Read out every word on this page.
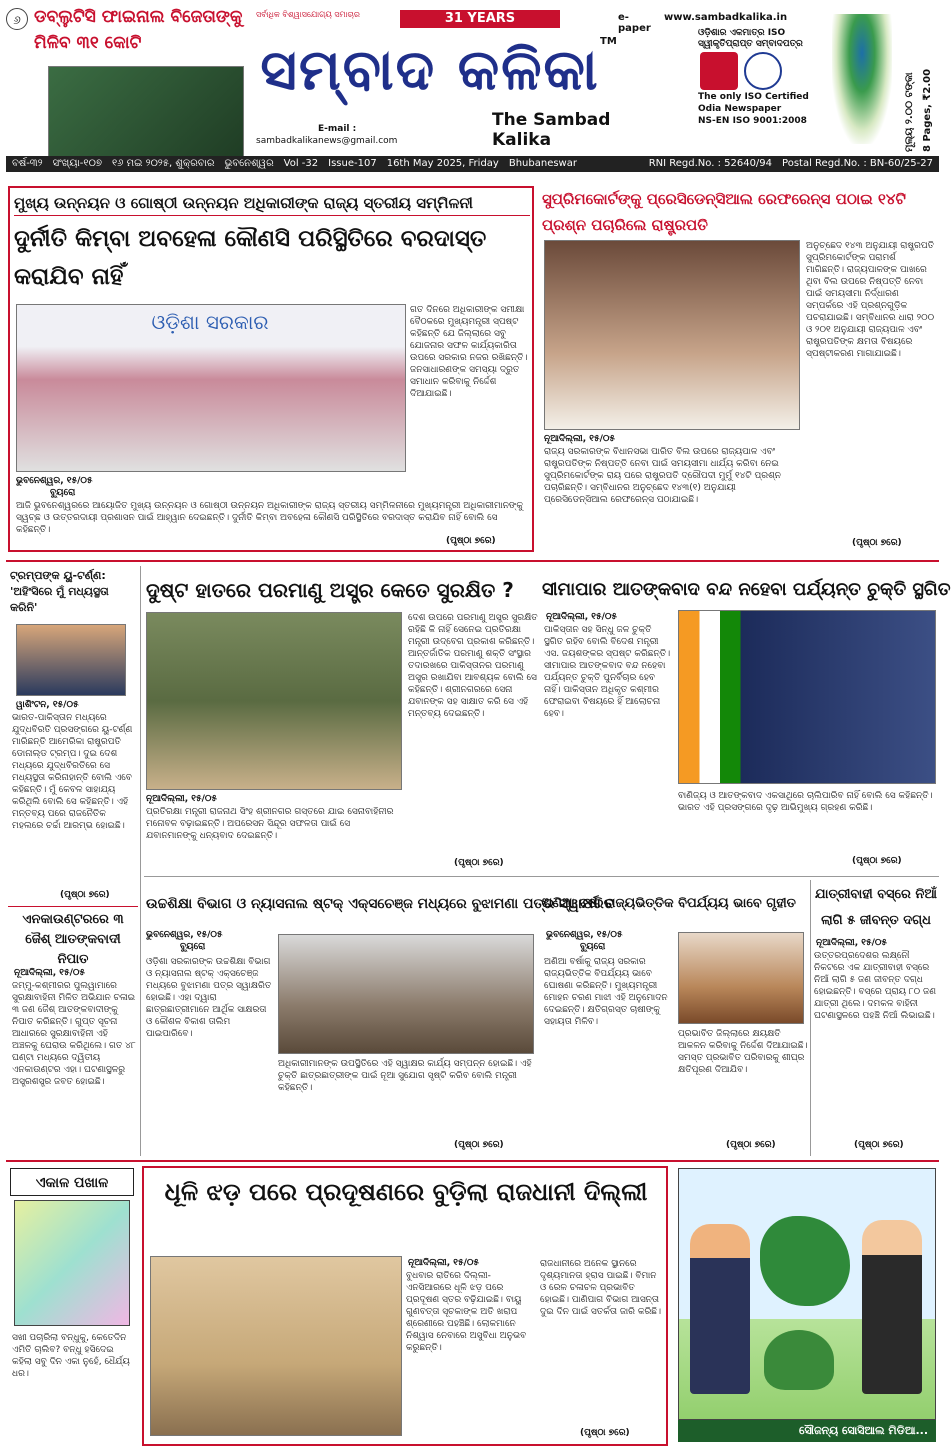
୬ ଡବ୍ଲୁଟିସି ଫାଇନାଲ ବିଜେତାଙ୍କୁ ମିଳିବ ୩୧ କୋଟି
ସର୍ବାଧିକ ବିଶ୍ୱାସଯୋଗ୍ୟ ସମାଚାର	31 YEARS
ସମ୍ବାଦ କଳିକା TM
The Sambad Kalika
E-mail :
sambadkalikanews@gmail.com
e-paper
www.sambadkalika.in
ଓଡ଼ିଶାର ଏକମାତ୍ର ISO ସ୍ୱୀକୃତିପ୍ରାପ୍ତ ସମ୍ବାଦପତ୍ର
The only ISO Certified
Odia Newspaper
NS-EN ISO 9001:2008	ମୂଲ୍ୟ ୨.୦୦ ଟଙ୍କା 8 Pages, ₹2.00
ବର୍ଷ-୩୨ ସଂଖ୍ୟା-୧୦୭ ୧୬ ମଇ ୨୦୨୫, ଶୁକ୍ରବାର ଭୁବନେଶ୍ୱର Vol -32 Issue-107 16th May 2025, Friday Bhubaneswar	RNI Regd.No. : 52640/94 Postal Regd.No. : BN-60/25-27
ମୁଖ୍ୟ ଉନ୍ନୟନ ଓ ଗୋଷ୍ଠୀ ଉନ୍ନୟନ ଅଧିକାରୀଙ୍କ ରାଜ୍ୟ ସ୍ତରୀୟ ସମ୍ମିଳନୀ
ଦୁର୍ନୀତି କିମ୍ବା ଅବହେଳା କୌଣସି ପରିସ୍ଥିତିରେ ବରଦାସ୍ତ କରାଯିବ ନାହିଁ
ଓଡ଼ିଶା ସରକାର	ଗତ ଦିନରେ ଅଧିକାରୀଙ୍କ ସମୀକ୍ଷା ବୈଠକରେ ମୁଖ୍ୟମନ୍ତ୍ରୀ ସ୍ପଷ୍ଟ କହିଛନ୍ତି ଯେ ଜିଲ୍ଲାରେ ସବୁ ଯୋଜନାର ସଫଳ କାର୍ଯ୍ୟକାରିତା ଉପରେ ସରକାର ନଜର ରଖିଛନ୍ତି। ଜନସାଧାରଣଙ୍କ ସମସ୍ୟା ଦ୍ରୁତ ସମାଧାନ କରିବାକୁ ନିର୍ଦ୍ଦେଶ ଦିଆଯାଇଛି।
ଭୁବନେଶ୍ୱର, ୧୫/୦୫
ବ୍ୟୁରୋ
ଆଜି ଭୁବନେଶ୍ୱରରେ ଆୟୋଜିତ ମୁଖ୍ୟ ଉନ୍ନୟନ ଓ ଗୋଷ୍ଠୀ ଉନ୍ନୟନ ଅଧିକାରୀଙ୍କ ରାଜ୍ୟ ସ୍ତରୀୟ ସମ୍ମିଳନୀରେ ମୁଖ୍ୟମନ୍ତ୍ରୀ ଅଧିକାରୀମାନଙ୍କୁ ସ୍ୱଚ୍ଛ ଓ ଉତ୍ତରଦାୟୀ ପ୍ରଶାସନ ପାଇଁ ଆହ୍ୱାନ ଦେଇଛନ୍ତି। ଦୁର୍ନୀତି କିମ୍ବା ଅବହେଳା କୌଣସି ପରିସ୍ଥିତିରେ ବରଦାସ୍ତ କରାଯିବ ନାହିଁ ବୋଲି ସେ କହିଛନ୍ତି।
(ପୃଷ୍ଠା ୭ରେ)
ସୁପ୍ରିମକୋର୍ଟଙ୍କୁ ପ୍ରେସିଡେନ୍ସିଆଲ ରେଫରେନ୍ସ ପଠାଇ ୧୪ଟି ପ୍ରଶ୍ନ ପଚାରିଲେ ରାଷ୍ଟ୍ରପତି
ଅନୁଚ୍ଛେଦ ୧୪୩ ଅନୁଯାୟୀ ରାଷ୍ଟ୍ରପତି ସୁପ୍ରିମକୋର୍ଟଙ୍କ ପରାମର୍ଶ ମାଗିଛନ୍ତି। ରାଜ୍ୟପାଳଙ୍କ ପାଖରେ ଥିବା ବିଲ ଉପରେ ନିଷ୍ପତ୍ତି ନେବା ପାଇଁ ସମୟସୀମା ନିର୍ଦ୍ଧାରଣ ସମ୍ପର୍କରେ ଏହି ପ୍ରଶ୍ନଗୁଡ଼ିକ ପଚରାଯାଇଛି। ସମ୍ବିଧାନର ଧାରା ୨୦୦ ଓ ୨୦୧ ଅନୁଯାୟୀ ରାଜ୍ୟପାଳ ଏବଂ ରାଷ୍ଟ୍ରପତିଙ୍କ କ୍ଷମତା ବିଷୟରେ ସ୍ପଷ୍ଟୀକରଣ ମାଗାଯାଇଛି।
ନୂଆଦିଲ୍ଲୀ, ୧୫/୦୫
ରାଜ୍ୟ ସରକାରଙ୍କ ବିଧାନସଭା ପାରିତ ବିଲ ଉପରେ ରାଜ୍ୟପାଳ ଏବଂ ରାଷ୍ଟ୍ରପତିଙ୍କ ନିଷ୍ପତ୍ତି ନେବା ପାଇଁ ସମୟସୀମା ଧାର୍ଯ୍ୟ କରିବା ନେଇ ସୁପ୍ରିମକୋର୍ଟଙ୍କ ରାୟ ପରେ ରାଷ୍ଟ୍ରପତି ଦ୍ରୌପଦୀ ମୁର୍ମୁ ୧୪ଟି ପ୍ରଶ୍ନ ପଚାରିଛନ୍ତି। ସମ୍ବିଧାନର ଅନୁଚ୍ଛେଦ ୧୪୩(୧) ଅନୁଯାୟୀ ପ୍ରେସିଡେନ୍ସିଆଲ ରେଫରେନ୍ସ ପଠାଯାଇଛି।
(ପୃଷ୍ଠା ୭ରେ)
ଟ୍ରମ୍ପଙ୍କ ୟୁ-ଟର୍ଣ୍ଣ: 'ଅହିଂସିରେ ମୁଁ ମଧ୍ୟସ୍ଥତା କରିନି'
ୱାଶିଂଟନ, ୧୫/୦୫
ଭାରତ-ପାକିସ୍ତାନ ମଧ୍ୟରେ ଯୁଦ୍ଧବିରତି ପ୍ରସଙ୍ଗରେ ୟୁ-ଟର୍ଣ୍ଣ ମାରିଛନ୍ତି ଆମେରିକା ରାଷ୍ଟ୍ରପତି ଡୋନାଲ୍ଡ ଟ୍ରମ୍ପ। ଦୁଇ ଦେଶ ମଧ୍ୟରେ ଯୁଦ୍ଧବିରତିରେ ସେ ମଧ୍ୟସ୍ଥତା କରିନାହାନ୍ତି ବୋଲି ଏବେ କହିଛନ୍ତି। ମୁଁ କେବଳ ସାହାଯ୍ୟ କରିଥିଲି ବୋଲି ସେ କହିଛନ୍ତି। ଏହି ମନ୍ତବ୍ୟ ପରେ ରାଜନୈତିକ ମହଲରେ ଚର୍ଚ୍ଚା ଆରମ୍ଭ ହୋଇଛି।
(ପୃଷ୍ଠା ୭ରେ)
ଏନକାଉଣ୍ଟରରେ ୩ ଜୈଶ୍ ଆତଙ୍କବାଦୀ ନିପାତ
ନୂଆଦିଲ୍ଲୀ, ୧୫/୦୫
ଜମ୍ମୁ-କଶ୍ମୀରର ପୁଲୱାମାରେ ସୁରକ୍ଷାବାହିନୀ ମିଳିତ ଅଭିଯାନ ଚଳାଇ ୩ ଜଣ ଜୈଶ୍ ଆତଙ୍କବାଦୀଙ୍କୁ ନିପାତ କରିଛନ୍ତି। ଗୁପ୍ତ ସୂଚନା ଆଧାରରେ ସୁରକ୍ଷାବାହିନୀ ଏହି ଅଞ୍ଚଳକୁ ଘେରାଉ କରିଥିଲେ। ଗତ ୪୮ ଘଣ୍ଟା ମଧ୍ୟରେ ଦ୍ୱିତୀୟ ଏନକାଉଣ୍ଟର ଏହା। ଘଟଣାସ୍ଥଳରୁ ଅସ୍ତ୍ରଶସ୍ତ୍ର ଜବତ ହୋଇଛି।
ଦୁଷ୍ଟ ହାତରେ ପରମାଣୁ ଅସ୍ତ୍ର କେତେ ସୁରକ୍ଷିତ ?
ଦେଶ ଉପରେ ପରମାଣୁ ଅସ୍ତ୍ର ସୁରକ୍ଷିତ ରହିଛି କି ନାହିଁ ସେନେଇ ପ୍ରତିରକ୍ଷା ମନ୍ତ୍ରୀ ଉଦ୍‌ବେଗ ପ୍ରକାଶ କରିଛନ୍ତି। ଆନ୍ତର୍ଜାତିକ ପରମାଣୁ ଶକ୍ତି ସଂସ୍ଥାର ତଦାରଖରେ ପାକିସ୍ତାନର ପରମାଣୁ ଅସ୍ତ୍ର ରଖାଯିବା ଆବଶ୍ୟକ ବୋଲି ସେ କହିଛନ୍ତି। ଶ୍ରୀନଗରରେ ସେନା ଯବାନଙ୍କ ସହ ସାକ୍ଷାତ କରି ସେ ଏହି ମନ୍ତବ୍ୟ ଦେଇଛନ୍ତି।
ନୂଆଦିଲ୍ଲୀ, ୧୫/୦୫
ପ୍ରତିରକ୍ଷା ମନ୍ତ୍ରୀ ରାଜନାଥ ସିଂହ ଶ୍ରୀନଗର ଗସ୍ତରେ ଯାଇ ସେନାବାହିନୀର ମନୋବଳ ବଢ଼ାଇଛନ୍ତି। ଅପରେସନ ସିନ୍ଦୂର ସଫଳତା ପାଇଁ ସେ ଯବାନମାନଙ୍କୁ ଧନ୍ୟବାଦ ଦେଇଛନ୍ତି।
(ପୃଷ୍ଠା ୭ରେ)
ସୀମାପାର ଆତଙ୍କବାଦ ବନ୍ଦ ନହେବା ପର୍ଯ୍ୟନ୍ତ ଚୁକ୍ତି ସ୍ଥଗିତ
ନୂଆଦିଲ୍ଲୀ, ୧୫/୦୫
ପାକିସ୍ତାନ ସହ ସିନ୍ଧୁ ଜଳ ଚୁକ୍ତି ସ୍ଥଗିତ ରହିବ ବୋଲି ବିଦେଶ ମନ୍ତ୍ରୀ ଏସ. ଜୟଶଙ୍କର ସ୍ପଷ୍ଟ କରିଛନ୍ତି। ସୀମାପାର ଆତଙ୍କବାଦ ବନ୍ଦ ନହେବା ପର୍ଯ୍ୟନ୍ତ ଚୁକ୍ତି ପୁନର୍ବିଚାର ହେବ ନାହିଁ। ପାକିସ୍ତାନ ଅଧିକୃତ କଶ୍ମୀର ଫେରାଇବା ବିଷୟରେ ହିଁ ଆଲୋଚନା ହେବ।
ବାଣିଜ୍ୟ ଓ ଆତଙ୍କବାଦ ଏକସାଥିରେ ଚାଲିପାରିବ ନାହିଁ ବୋଲି ସେ କହିଛନ୍ତି। ଭାରତ ଏହି ପ୍ରସଙ୍ଗରେ ଦୃଢ଼ ଆଭିମୁଖ୍ୟ ଗ୍ରହଣ କରିଛି।
(ପୃଷ୍ଠା ୭ରେ)
ଉଚ୍ଚଶିକ୍ଷା ବିଭାଗ ଓ ନ୍ୟାସନାଲ ଷ୍ଟକ୍ ଏକ୍ସଚେଞ୍ଜ ମଧ୍ୟରେ ବୁଝାମଣା ପତ୍ର ସ୍ୱାକ୍ଷରିତ
ଭୁବନେଶ୍ୱର, ୧୫/୦୫
ବ୍ୟୁରୋ
ଓଡ଼ିଶା ସରକାରଙ୍କ ଉଚ୍ଚଶିକ୍ଷା ବିଭାଗ ଓ ନ୍ୟାସନାଲ ଷ୍ଟକ୍ ଏକ୍ସଚେଞ୍ଜ ମଧ୍ୟରେ ବୁଝାମଣା ପତ୍ର ସ୍ୱାକ୍ଷରିତ ହୋଇଛି। ଏହା ଦ୍ୱାରା ଛାତ୍ରଛାତ୍ରୀମାନେ ଆର୍ଥିକ ସାକ୍ଷରତା ଓ କୌଶଳ ବିକାଶ ତାଲିମ ପାଇପାରିବେ।
ଅଧିକାରୀମାନଙ୍କ ଉପସ୍ଥିତିରେ ଏହି ସ୍ୱାକ୍ଷର କାର୍ଯ୍ୟ ସମ୍ପନ୍ନ ହୋଇଛି। ଏହି ଚୁକ୍ତି ଛାତ୍ରଛାତ୍ରୀଙ୍କ ପାଇଁ ନୂଆ ସୁଯୋଗ ସୃଷ୍ଟି କରିବ ବୋଲି ମନ୍ତ୍ରୀ କହିଛନ୍ତି।
(ପୃଷ୍ଠା ୭ରେ)
ଅଣିଆ ବର୍ଷା ରାଜ୍ୟଭିତ୍ତିକ ବିପର୍ଯ୍ୟୟ ଭାବେ ଗୃହୀତ
ଭୁବନେଶ୍ୱର, ୧୫/୦୫
ବ୍ୟୁରୋ
ଅଣିଆ ବର୍ଷାକୁ ରାଜ୍ୟ ସରକାର ରାଜ୍ୟଭିତ୍ତିକ ବିପର୍ଯ୍ୟୟ ଭାବେ ଘୋଷଣା କରିଛନ୍ତି। ମୁଖ୍ୟମନ୍ତ୍ରୀ ମୋହନ ଚରଣ ମାଝୀ ଏହି ଅନୁମୋଦନ ଦେଇଛନ୍ତି। କ୍ଷତିଗ୍ରସ୍ତ ଚାଷୀଙ୍କୁ ସହାୟତା ମିଳିବ।
ପ୍ରଭାବିତ ଜିଲ୍ଲାରେ କ୍ଷୟକ୍ଷତି ଆକଳନ କରିବାକୁ ନିର୍ଦ୍ଦେଶ ଦିଆଯାଇଛି। ସମସ୍ତ ପ୍ରଭାବିତ ପରିବାରକୁ ଶୀଘ୍ର କ୍ଷତିପୂରଣ ଦିଆଯିବ।
(ପୃଷ୍ଠା ୭ରେ)
ଯାତ୍ରୀବାହୀ ବସ୍‌ରେ ନିଆଁ ଲାଗି ୫ ଜୀବନ୍ତ ଦଗ୍ଧ
ନୂଆଦିଲ୍ଲୀ, ୧୫/୦୫
ଉତ୍ତରପ୍ରଦେଶର ଲକ୍ଷ୍ନୌ ନିକଟରେ ଏକ ଯାତ୍ରୀବାହୀ ବସ୍‌ରେ ନିଆଁ ଲାଗି ୫ ଜଣ ଜୀବନ୍ତ ଦଗ୍ଧ ହୋଇଛନ୍ତି। ବସ୍‌ରେ ପ୍ରାୟ ୮୦ ଜଣ ଯାତ୍ରୀ ଥିଲେ। ଦମକଳ ବାହିନୀ ଘଟଣାସ୍ଥଳରେ ପହଞ୍ଚି ନିଆଁ ଲିଭାଇଛି।
(ପୃଷ୍ଠା ୭ରେ)
ଏକାଳ ପଖାଳ
ସଖୀ ପଚାରିଲା ବନ୍ଧୁକୁ, କେତେଦିନ ଏମିତି ଚାଲିବ? ବନ୍ଧୁ ହସିଦେଇ କହିଲା ସବୁ ଦିନ ଏକା ନୁହେଁ, ଧୈର୍ଯ୍ୟ ଧର।
ଧୂଳି ଝଡ଼ ପରେ ପ୍ରଦୂଷଣରେ ବୁଡ଼ିଲା ରାଜଧାନୀ ଦିଲ୍ଲୀ
ନୂଆଦିଲ୍ଲୀ, ୧୫/୦୫
ବୁଧବାର ରାତିରେ ଦିଲ୍ଲୀ-ଏନସିଆରରେ ଧୂଳି ଝଡ଼ ପରେ ପ୍ରଦୂଷଣ ସ୍ତର ବଢ଼ିଯାଇଛି। ବାୟୁ ଗୁଣବତ୍ତା ସୂଚକାଙ୍କ ଅତି ଖରାପ ଶ୍ରେଣୀରେ ପହଞ୍ଚିଛି। ଲୋକମାନେ ନିଶ୍ୱାସ ନେବାରେ ଅସୁବିଧା ଅନୁଭବ କରୁଛନ୍ତି।
ରାଜଧାନୀରେ ଅନେକ ସ୍ଥାନରେ ଦୃଶ୍ୟମାନତା ହ୍ରାସ ପାଇଛି। ବିମାନ ଓ ରେଳ ଚଳାଚଳ ପ୍ରଭାବିତ ହୋଇଛି। ପାଣିପାଗ ବିଭାଗ ଆସନ୍ତା ଦୁଇ ଦିନ ପାଇଁ ସତର୍କତା ଜାରି କରିଛି।
(ପୃଷ୍ଠା ୭ରେ)	ସୌଜନ୍ୟ ସୋସିଆଲ ମିଡିଆ...
